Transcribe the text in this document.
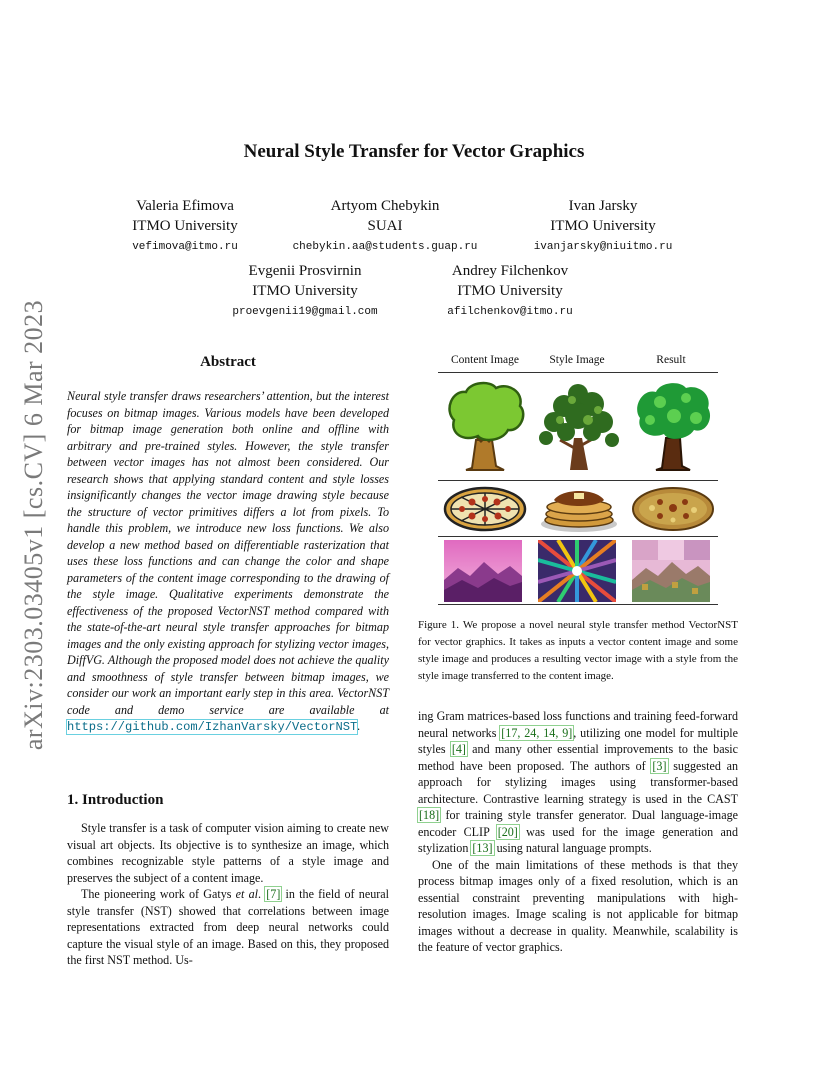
arXiv:2303.03405v1 [cs.CV] 6 Mar 2023
Neural Style Transfer for Vector Graphics
Valeria Efimova
ITMO University
vefimova@itmo.ru
Artyom Chebykin
SUAI
chebykin.aa@students.guap.ru
Ivan Jarsky
ITMO University
ivanjarsky@niuitmo.ru
Evgenii Prosvirnin
ITMO University
proevgenii19@gmail.com
Andrey Filchenkov
ITMO University
afilchenkov@itmo.ru
Abstract
Neural style transfer draws researchers’ attention, but the interest focuses on bitmap images. Various models have been developed for bitmap image generation both online and offline with arbitrary and pre-trained styles. However, the style transfer between vector images has not almost been considered. Our research shows that applying standard content and style losses insignificantly changes the vector image drawing style because the structure of vector primitives differs a lot from pixels. To handle this problem, we introduce new loss functions. We also develop a new method based on differentiable rasterization that uses these loss functions and can change the color and shape parameters of the content image corresponding to the drawing of the style image. Qualitative experiments demonstrate the effectiveness of the proposed VectorNST method compared with the state-of-the-art neural style transfer approaches for bitmap images and the only existing approach for stylizing vector images, DiffVG. Although the proposed model does not achieve the quality and smoothness of style transfer between bitmap images, we consider our work an important early step in this area. VectorNST code and demo service are available at https://github.com/IzhanVarsky/VectorNST.
1. Introduction

Style transfer is a task of computer vision aiming to create new visual art objects. Its objective is to synthesize an image, which combines recognizable style patterns of a style image and preserves the subject of a content image.

The pioneering work of Gatys et al. [7] in the field of neural style transfer (NST) showed that correlations between image representations extracted from deep neural networks could capture the visual style of an image. Based on this, they proposed the first NST method. Us-

Content Image	Style Image	Result
Figure 1. We propose a novel neural style transfer method VectorNST for vector graphics. It takes as inputs a vector content image and some style image and produces a resulting vector image with a style from the style image transferred to the content image.

ing Gram matrices-based loss functions and training feed-forward neural networks [17, 24, 14, 9], utilizing one model for multiple styles [4] and many other essential improvements to the basic method have been proposed. The authors of [3] suggested an approach for stylizing images using transformer-based architecture. Contrastive learning strategy is used in the CAST [18] for training style transfer generator. Dual language-image encoder CLIP [20] was used for the image generation and stylization [13] using natural language prompts.

One of the main limitations of these methods is that they process bitmap images only of a fixed resolution, which is an essential constraint preventing manipulations with high-resolution images. Image scaling is not applicable for bitmap images without a decrease in quality. Meanwhile, scalability is the feature of vector graphics.
